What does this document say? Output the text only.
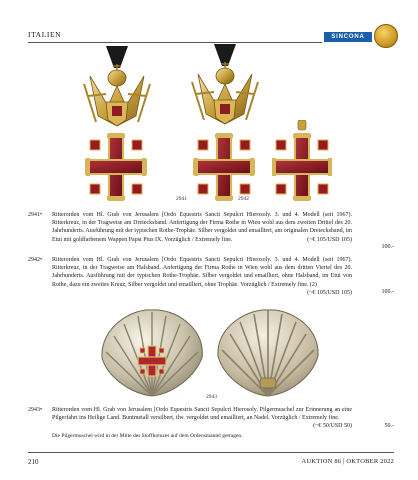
ITALIEN	SINCONA
2941	2942
2941•	Ritterorden vom Hl. Grab von Jerusalem [Ordo Equestris Sancti Sepulcri Hierosoly. 3. und 4. Modell (seit 1967). Ritterkreuz, in der Tragweise am Dreiecksband. Anfertigung der Firma Rothe in Wien wohl aus dem zweiten Drittel des 20. Jahrhunderts. Ausführung mit der typischen Rothe-Trophäe. Silber vergoldet und emailliert, am originalen Dreiecksband, im Etui mit goldfarbenem Wappen Papst Pius IX. Vorzüglich / Extremely fine.	(~€ 105/USD 105)
100.-
2942•	Ritterorden vom Hl. Grab von Jerusalem [Ordo Equestris Sancti Sepulcri Hierosoly. 3. und 4. Modell (seit 1967). Ritterkreuz, in der Tragweise am Halsband. Anfertigung der Firma Rothe in Wien wohl aus dem dritten Viertel des 20. Jahrhunderts. Ausführung mit der typischen Rothe-Trophäe. Silber vergoldet und emailliert, ohne Halsband, im Etui von Rothe, dazu ein zweites Kreuz, Silber vergoldet und emailliert, ohne Trophäe. Vorzüglich / Extremely fine. (2)
(~€ 105/USD 105)	100.-
2943
2943•	Ritterorden vom Hl. Grab von Jerusalem [Ordo Equestris Sancti Sepulcri Hierosoly. Pilgermuschel zur Erinnerung an eine Pilgerfahrt ins Heilige Land. Buntmetall versilbert, tlw. vergoldet und emailliert, an Nadel. Vorzüglich / Extremely fine.
(~€ 50/USD 50)	50.-
Die Pilgermuschel wird in der Mitte des Stoffkreuzes auf dem Ordensmantel getragen.
210	AUKTION 86 | OKTOBER 2022
